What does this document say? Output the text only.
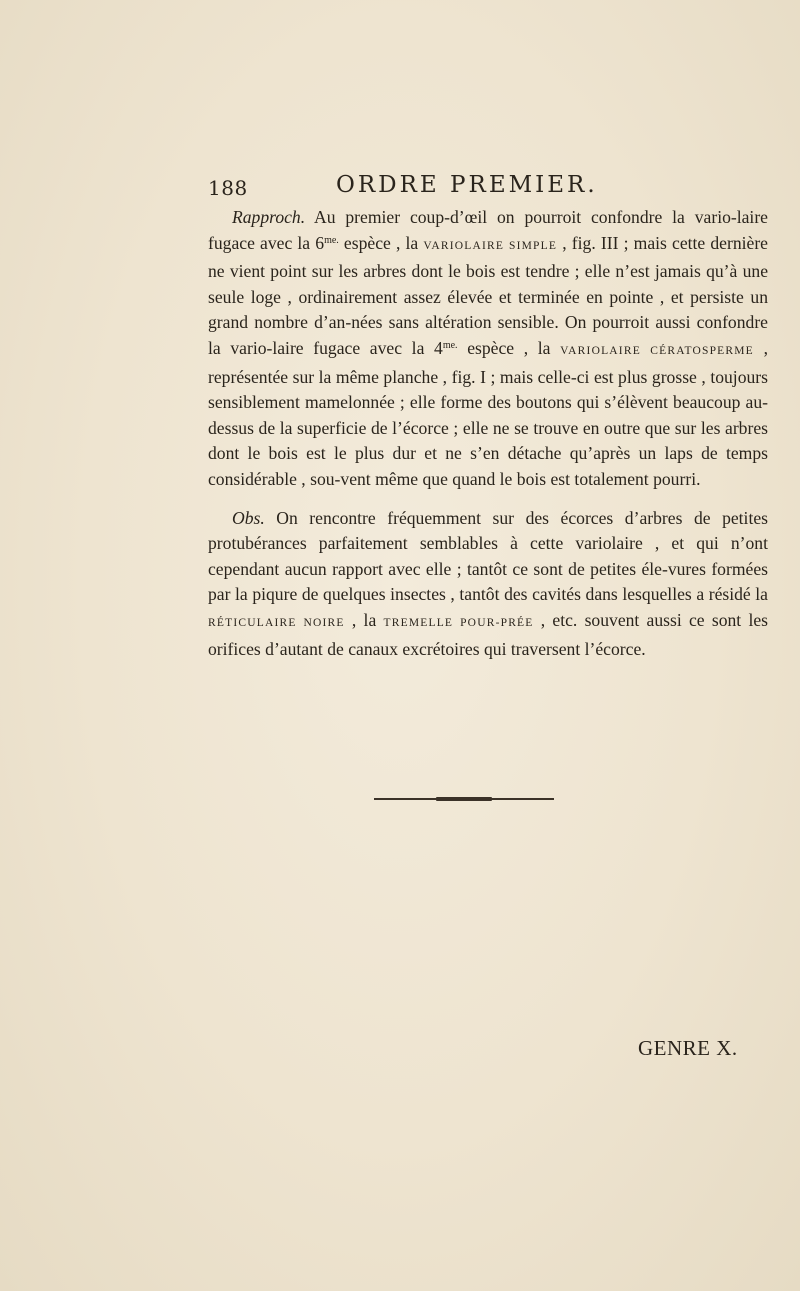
188	ORDRE PREMIER.

Rapproch. Au premier coup-d’œil on pourroit confondre la vario-laire fugace avec la $6^{me.}$ espèce , la VARIOLAIRE SIMPLE , fig. III ; mais cette dernière ne vient point sur les arbres dont le bois est tendre ; elle n’est jamais qu’à une seule loge , ordinairement assez élevée et terminée en pointe , et persiste un grand nombre d’an-nées sans altération sensible. On pourroit aussi confondre la vario-laire fugace avec la $4^{me.}$ espèce , la VARIOLAIRE CÉRATOSPERME , représentée sur la même planche , fig. I ; mais celle-ci est plus grosse , toujours sensiblement mamelonnée ; elle forme des boutons qui s’élèvent beaucoup au-dessus de la superficie de l’écorce ; elle ne se trouve en outre que sur les arbres dont le bois est le plus dur et ne s’en détache qu’après un laps de temps considérable , sou-vent même que quand le bois est totalement pourri.

Obs. On rencontre fréquemment sur des écorces d’arbres de petites protubérances parfaitement semblables à cette variolaire , et qui n’ont cependant aucun rapport avec elle ; tantôt ce sont de petites éle-vures formées par la piqure de quelques insectes , tantôt des cavités dans lesquelles a résidé la RÉTICULAIRE NOIRE , la TREMELLE POUR-PRÉE , etc. souvent aussi ce sont les orifices d’autant de canaux excrétoires qui traversent l’écorce.

GENRE X.
